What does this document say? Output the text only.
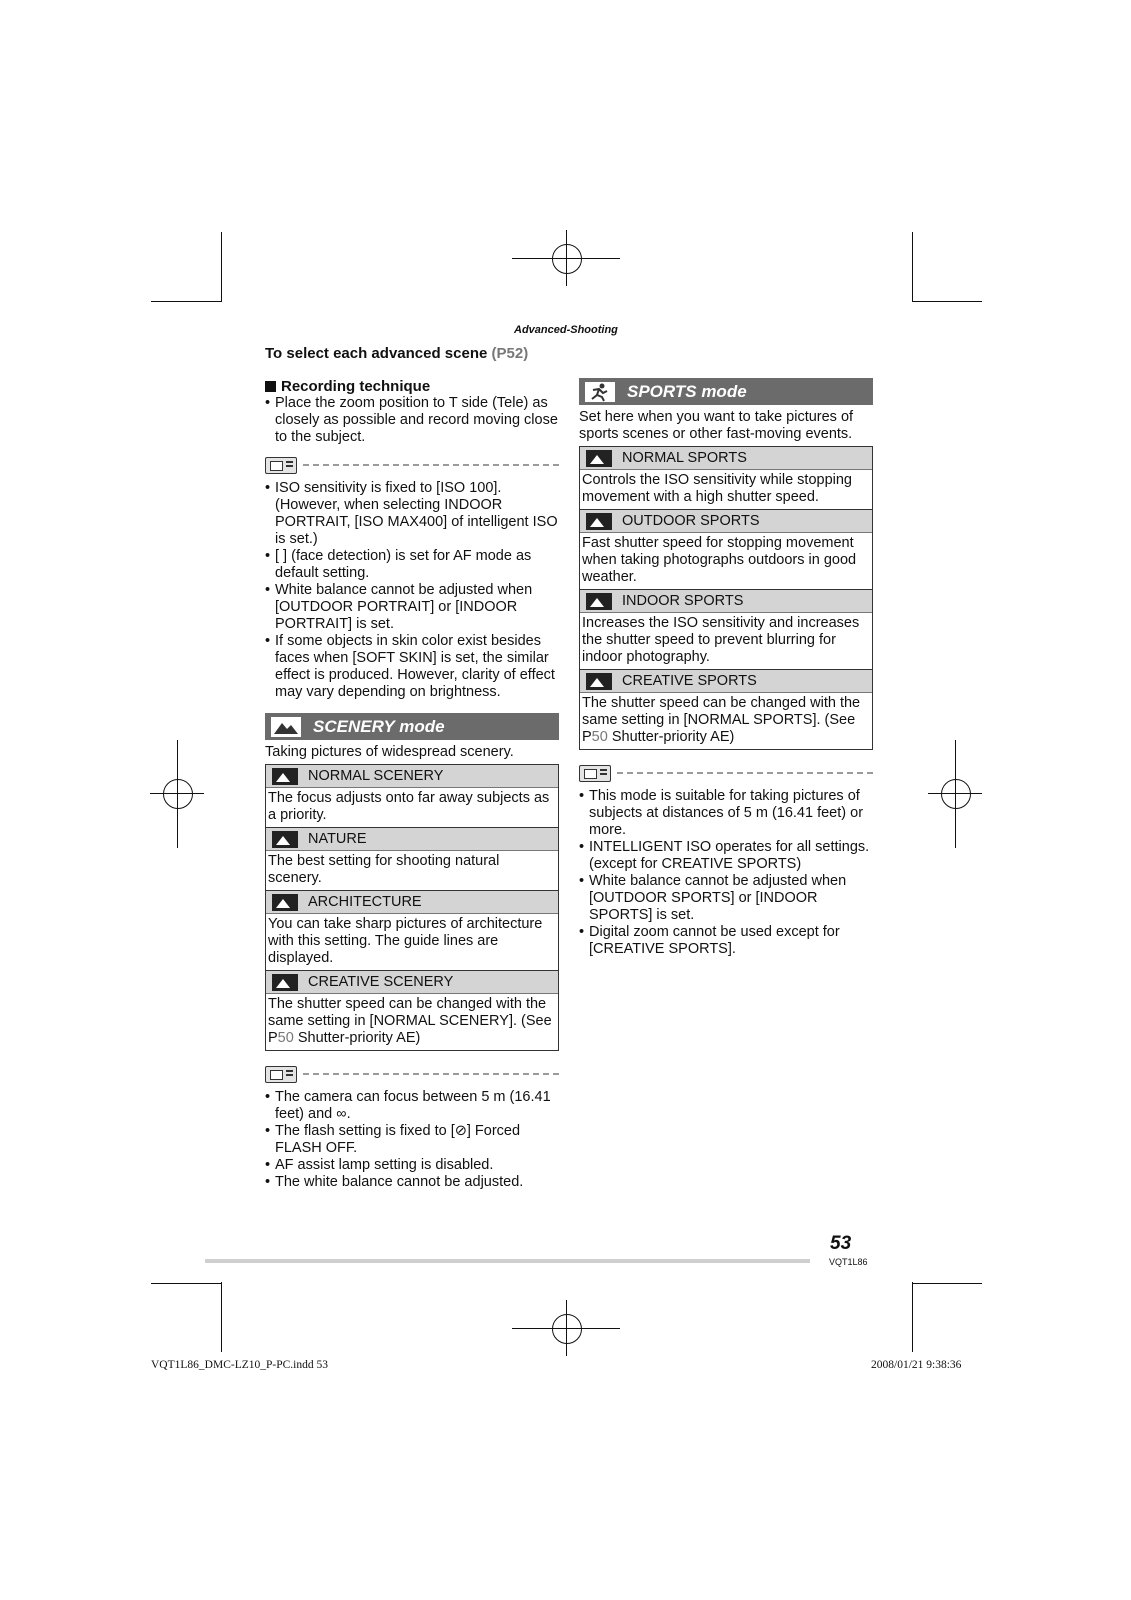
Advanced-Shooting
To select each advanced scene (P52)
Recording technique
• Place the zoom position to T side (Tele) as closely as possible and record moving close to the subject.
• ISO sensitivity is fixed to [ISO 100]. (However, when selecting INDOOR PORTRAIT, [ISO MAX400] of intelligent ISO is set.)
• [ ] (face detection) is set for AF mode as default setting.
• White balance cannot be adjusted when [OUTDOOR PORTRAIT] or [INDOOR PORTRAIT] is set.
• If some objects in skin color exist besides faces when [SOFT SKIN] is set, the similar effect is produced. However, clarity of effect may vary depending on brightness.
SCENERY mode
Taking pictures of widespread scenery.
NORMAL SCENERY
The focus adjusts onto far away subjects as a priority.
NATURE
The best setting for shooting natural scenery.
ARCHITECTURE
You can take sharp pictures of architecture with this setting. The guide lines are displayed.
CREATIVE SCENERY
The shutter speed can be changed with the same setting in [NORMAL SCENERY]. (See P50 Shutter-priority AE)
• The camera can focus between 5 m (16.41 feet) and ∞.
• The flash setting is fixed to [⊘] Forced FLASH OFF.
• AF assist lamp setting is disabled.
• The white balance cannot be adjusted.
SPORTS mode
Set here when you want to take pictures of sports scenes or other fast-moving events.
NORMAL SPORTS
Controls the ISO sensitivity while stopping movement with a high shutter speed.
OUTDOOR SPORTS
Fast shutter speed for stopping movement when taking photographs outdoors in good weather.
INDOOR SPORTS
Increases the ISO sensitivity and increases the shutter speed to prevent blurring for indoor photography.
CREATIVE SPORTS
The shutter speed can be changed with the same setting in [NORMAL SPORTS]. (See P50 Shutter-priority AE)
• This mode is suitable for taking pictures of subjects at distances of 5 m (16.41 feet) or more.
• INTELLIGENT ISO operates for all settings. (except for CREATIVE SPORTS)
• White balance cannot be adjusted when [OUTDOOR SPORTS] or [INDOOR SPORTS] is set.
• Digital zoom cannot be used except for [CREATIVE SPORTS].
53
VQT1L86
VQT1L86_DMC-LZ10_P-PC.indd 53	2008/01/21 9:38:36
